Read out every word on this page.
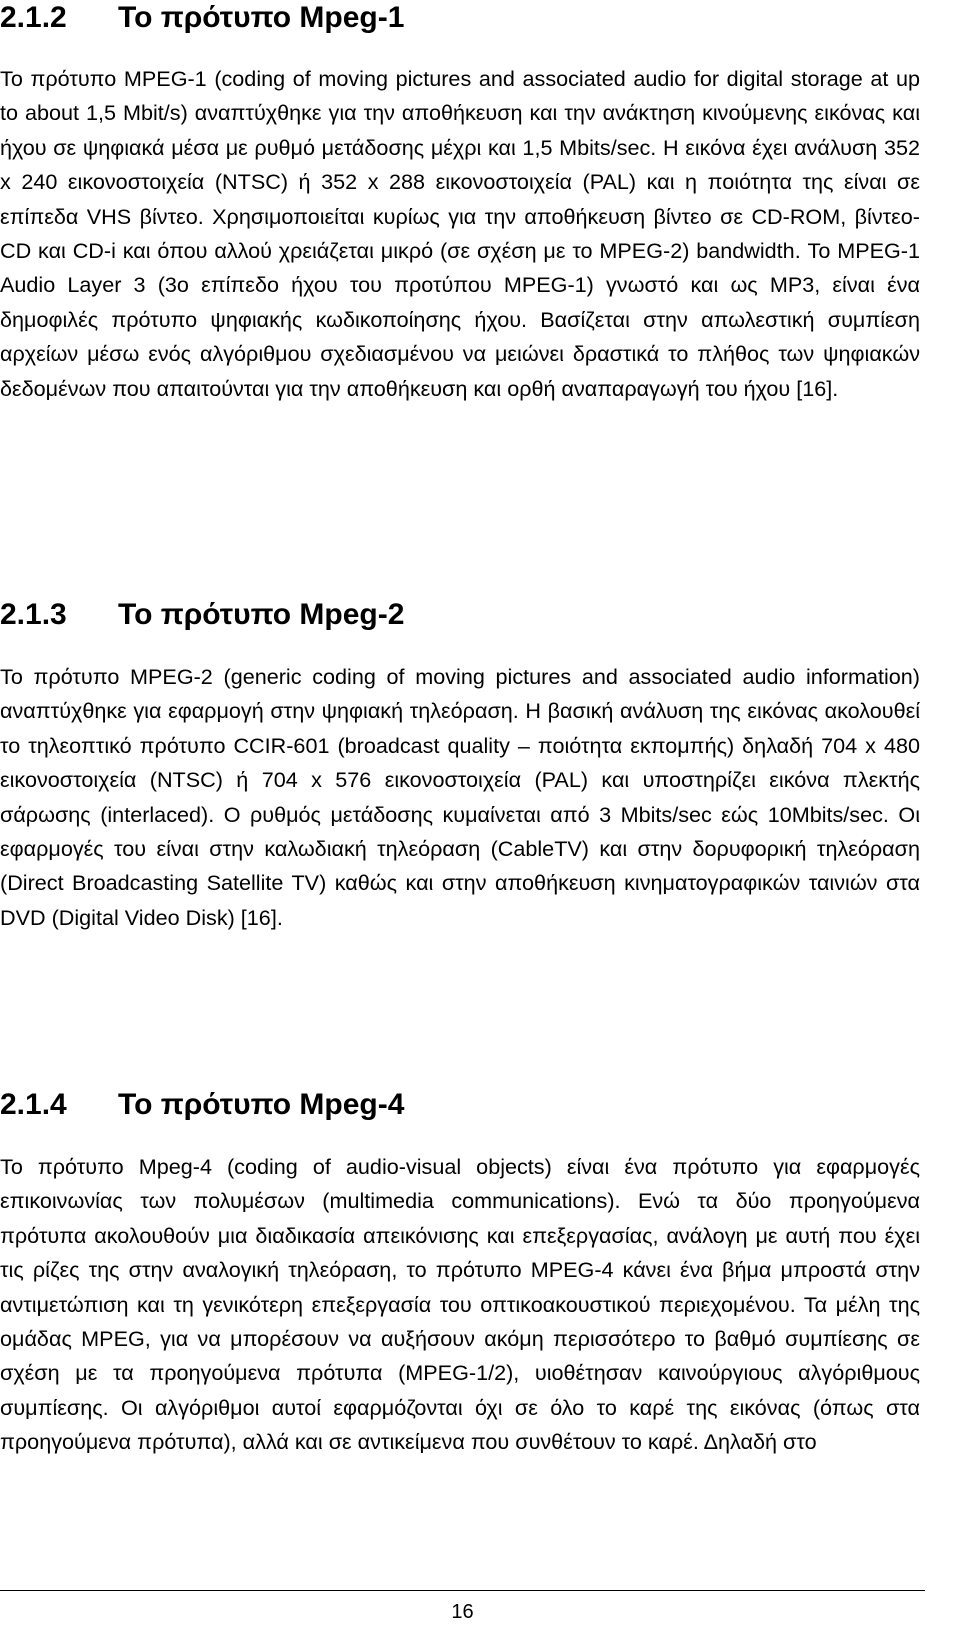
2.1.2 Το πρότυπο Mpeg-1

Το πρότυπο MPEG-1 (coding of moving pictures and associated audio for digital storage at up to about 1,5 Mbit/s) αναπτύχθηκε για την αποθήκευση και την ανάκτηση κινούμενης εικόνας και ήχου σε ψηφιακά μέσα με ρυθμό μετάδοσης μέχρι και 1,5 Mbits/sec. Η εικόνα έχει ανάλυση 352 x 240 εικονοστοιχεία (NTSC) ή 352 x 288 εικονοστοιχεία (PAL) και η ποιότητα της είναι σε επίπεδα VHS βίντεο. Χρησιμοποιείται κυρίως για την αποθήκευση βίντεο σε CD-ROM, βίντεο-CD και CD-i και όπου αλλού χρειάζεται μικρό (σε σχέση με το MPEG-2) bandwidth. Το MPEG-1 Audio Layer 3 (3ο επίπεδο ήχου του προτύπου MPEG-1) γνωστό και ως MP3, είναι ένα δημοφιλές πρότυπο ψηφιακής κωδικοποίησης ήχου. Βασίζεται στην απωλεστική συμπίεση αρχείων μέσω ενός αλγόριθμου σχεδιασμένου να μειώνει δραστικά το πλήθος των ψηφιακών δεδομένων που απαιτούνται για την αποθήκευση και ορθή αναπαραγωγή του ήχου [16].

2.1.3 Το πρότυπο Mpeg-2

Το πρότυπο MPEG-2 (generic coding of moving pictures and associated audio information) αναπτύχθηκε για εφαρμογή στην ψηφιακή τηλεόραση. Η βασική ανάλυση της εικόνας ακολουθεί το τηλεοπτικό πρότυπο CCIR-601 (broadcast quality – ποιότητα εκπομπής) δηλαδή 704 x 480 εικονοστοιχεία (NTSC) ή 704 x 576 εικονοστοιχεία (PAL) και υποστηρίζει εικόνα πλεκτής σάρωσης (interlaced). Ο ρυθμός μετάδοσης κυμαίνεται από 3 Mbits/sec εώς 10Mbits/sec. Οι εφαρμογές του είναι στην καλωδιακή τηλεόραση (CableTV) και στην δορυφορική τηλεόραση (Direct Broadcasting Satellite TV) καθώς και στην αποθήκευση κινηματογραφικών ταινιών στα DVD (Digital Video Disk) [16].

2.1.4 Το πρότυπο Mpeg-4

Το πρότυπο Mpeg-4 (coding of audio-visual objects) είναι ένα πρότυπο για εφαρμογές επικοινωνίας των πολυμέσων (multimedia communications). Ενώ τα δύο προηγούμενα πρότυπα ακολουθούν μια διαδικασία απεικόνισης και επεξεργασίας, ανάλογη με αυτή που έχει τις ρίζες της στην αναλογική τηλεόραση, το πρότυπο MPEG-4 κάνει ένα βήμα μπροστά στην αντιμετώπιση και τη γενικότερη επεξεργασία του οπτικοακουστικού περιεχομένου. Τα μέλη της ομάδας MPEG, για να μπορέσουν να αυξήσουν ακόμη περισσότερο το βαθμό συμπίεσης σε σχέση με τα προηγούμενα πρότυπα (MPEG-1/2), υιοθέτησαν καινούργιους αλγόριθμους συμπίεσης. Οι αλγόριθμοι αυτοί εφαρμόζονται όχι σε όλο το καρέ της εικόνας (όπως στα προηγούμενα πρότυπα), αλλά και σε αντικείμενα που συνθέτουν το καρέ. Δηλαδή στο

16
